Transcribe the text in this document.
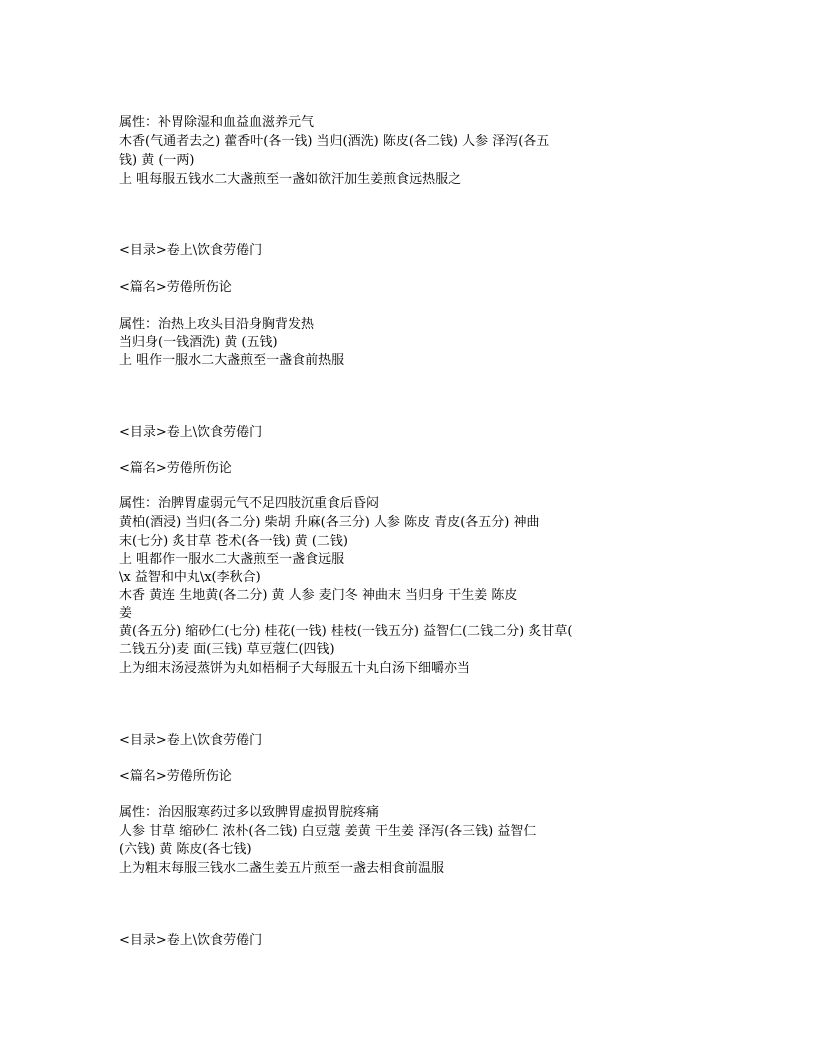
属性：补胃除湿和血益血滋养元气
木香(气通者去之) 藿香叶(各一钱) 当归(酒洗) 陈皮(各二钱) 人参 泽泻(各五
钱) 黄 (一两)
上 咀每服五钱水二大盏煎至一盏如欲汗加生姜煎食远热服之
<目录>卷上\饮食劳倦门
<篇名>劳倦所伤论
属性：治热上攻头目沿身胸背发热
当归身(一钱酒洗) 黄 (五钱)
上 咀作一服水二大盏煎至一盏食前热服
<目录>卷上\饮食劳倦门
<篇名>劳倦所伤论
属性：治脾胃虚弱元气不足四肢沉重食后昏闷
黄柏(酒浸) 当归(各二分) 柴胡 升麻(各三分) 人参 陈皮 青皮(各五分) 神曲
末(七分) 炙甘草 苍术(各一钱) 黄 (二钱)
上 咀都作一服水二大盏煎至一盏食远服
\x 益智和中丸\x(李秋合)
木香 黄连 生地黄(各二分) 黄 人参 麦门冬 神曲末 当归身 干生姜 陈皮
姜
黄(各五分) 缩砂仁(七分) 桂花(一钱) 桂枝(一钱五分) 益智仁(二钱二分) 炙甘草(
二钱五分)麦 面(三钱) 草豆蔻仁(四钱)
上为细末汤浸蒸饼为丸如梧桐子大每服五十丸白汤下细嚼亦当
<目录>卷上\饮食劳倦门
<篇名>劳倦所伤论
属性：治因服寒药过多以致脾胃虚损胃脘疼痛
人参 甘草 缩砂仁 浓朴(各二钱) 白豆蔻 姜黄 干生姜 泽泻(各三钱) 益智仁
(六钱) 黄 陈皮(各七钱)
上为粗末每服三钱水二盏生姜五片煎至一盏去相食前温服
<目录>卷上\饮食劳倦门
